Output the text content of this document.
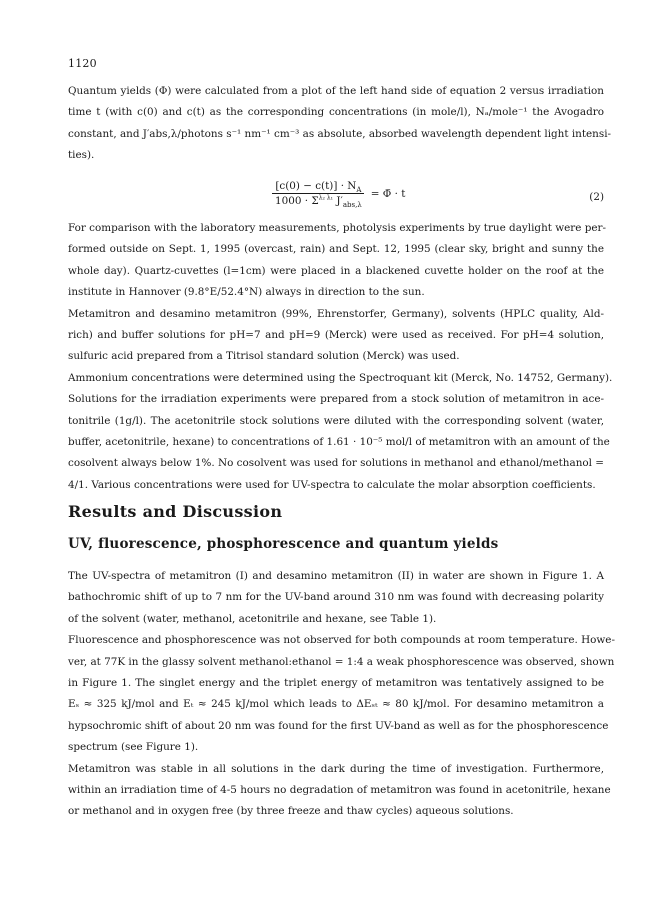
1120

Quantum yields (Φ) were calculated from a plot of the left hand side of equation 2 versus irradiation
time t (with c(0) and c(t) as the corresponding concentrations (in mole/l), Nₐ/mole⁻¹ the Avogadro
constant, and J′abs,λ/photons s⁻¹ nm⁻¹ cm⁻³ as absolute, absorbed wavelength dependent light intensi-
ties).

$\frac{[c(0) - c(t)] \cdot N_A}{1000 \cdot \Sigma^{\lambda_2 \lambda_1} J'_{abs,\lambda}}$ = Φ̄ · t	(2)

For comparison with the laboratory measurements, photolysis experiments by true daylight were per-
formed outside on Sept. 1, 1995 (overcast, rain) and Sept. 12, 1995 (clear sky, bright and sunny the
whole day). Quartz-cuvettes (l=1cm) were placed in a blackened cuvette holder on the roof at the
institute in Hannover (9.8°E/52.4°N) always in direction to the sun.
Metamitron and desamino metamitron (99%, Ehrenstorfer, Germany), solvents (HPLC quality, Ald-
rich) and buffer solutions for pH=7 and pH=9 (Merck) were used as received. For pH=4 solution,
sulfuric acid prepared from a Titrisol standard solution (Merck) was used.
Ammonium concentrations were determined using the Spectroquant kit (Merck, No. 14752, Germany).
Solutions for the irradiation experiments were prepared from a stock solution of metamitron in ace-
tonitrile (1g/l). The acetonitrile stock solutions were diluted with the corresponding solvent (water,
buffer, acetonitrile, hexane) to concentrations of 1.61 · 10⁻⁵ mol/l of metamitron with an amount of the
cosolvent always below 1%. No cosolvent was used for solutions in methanol and ethanol/methanol =
4/1. Various concentrations were used for UV-spectra to calculate the molar absorption coefficients.

Results and Discussion
UV, fluorescence, phosphorescence and quantum yields

The UV-spectra of metamitron (I) and desamino metamitron (II) in water are shown in Figure 1. A
bathochromic shift of up to 7 nm for the UV-band around 310 nm was found with decreasing polarity
of the solvent (water, methanol, acetonitrile and hexane, see Table 1).
Fluorescence and phosphorescence was not observed for both compounds at room temperature. Howe-
ver, at 77K in the glassy solvent methanol:ethanol = 1:4 a weak phosphorescence was observed, shown
in Figure 1. The singlet energy and the triplet energy of metamitron was tentatively assigned to be
Eₛ ≈ 325 kJ/mol and Eₜ ≈ 245 kJ/mol which leads to ΔEₛₜ ≈ 80 kJ/mol. For desamino metamitron a
hypsochromic shift of about 20 nm was found for the first UV-band as well as for the phosphorescence
spectrum (see Figure 1).
Metamitron was stable in all solutions in the dark during the time of investigation. Furthermore,
within an irradiation time of 4-5 hours no degradation of metamitron was found in acetonitrile, hexane
or methanol and in oxygen free (by three freeze and thaw cycles) aqueous solutions.
